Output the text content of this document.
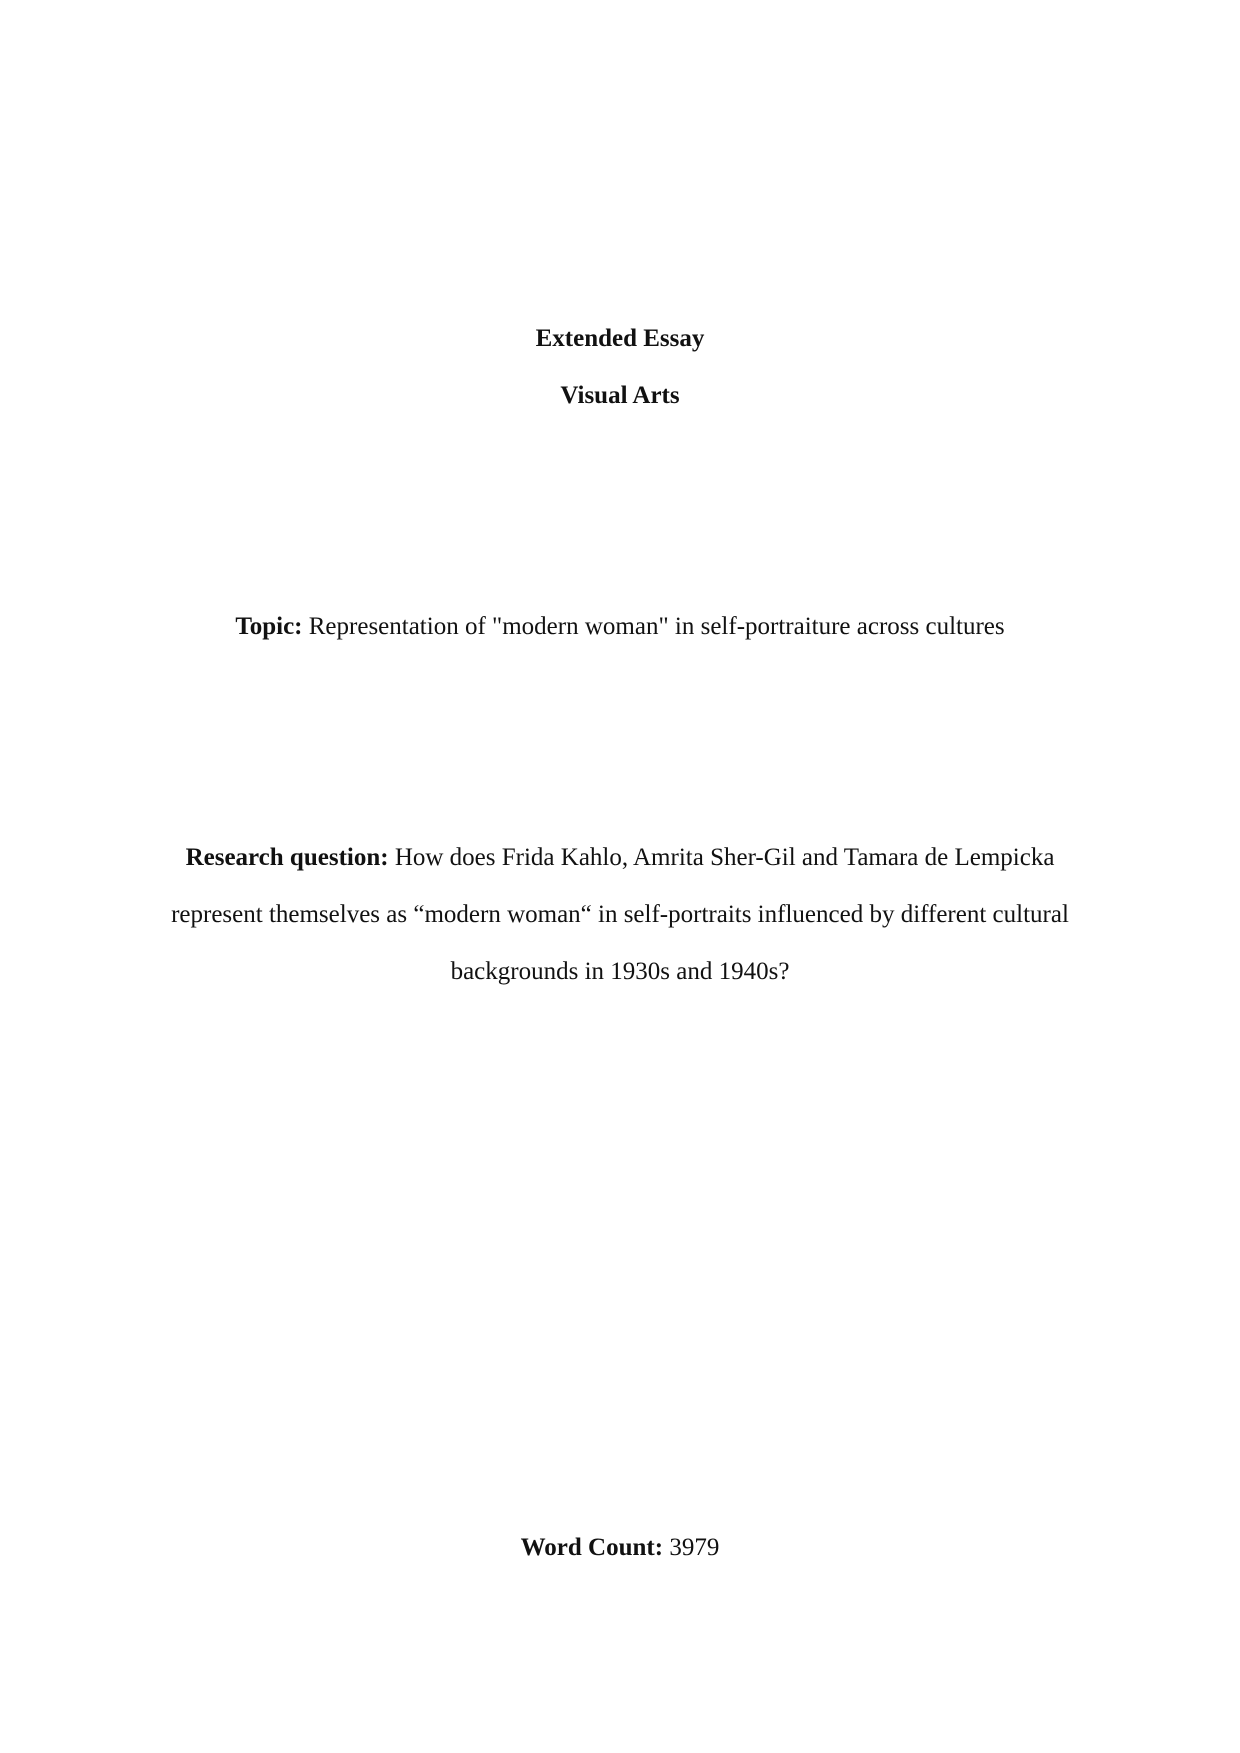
Extended Essay
Visual Arts
Topic: Representation of "modern woman" in self-portraiture across cultures
Research question: How does Frida Kahlo, Amrita Sher-Gil and Tamara de Lempicka
represent themselves as “modern woman“ in self-portraits influenced by different cultural
backgrounds in 1930s and 1940s?
Word Count: 3979
